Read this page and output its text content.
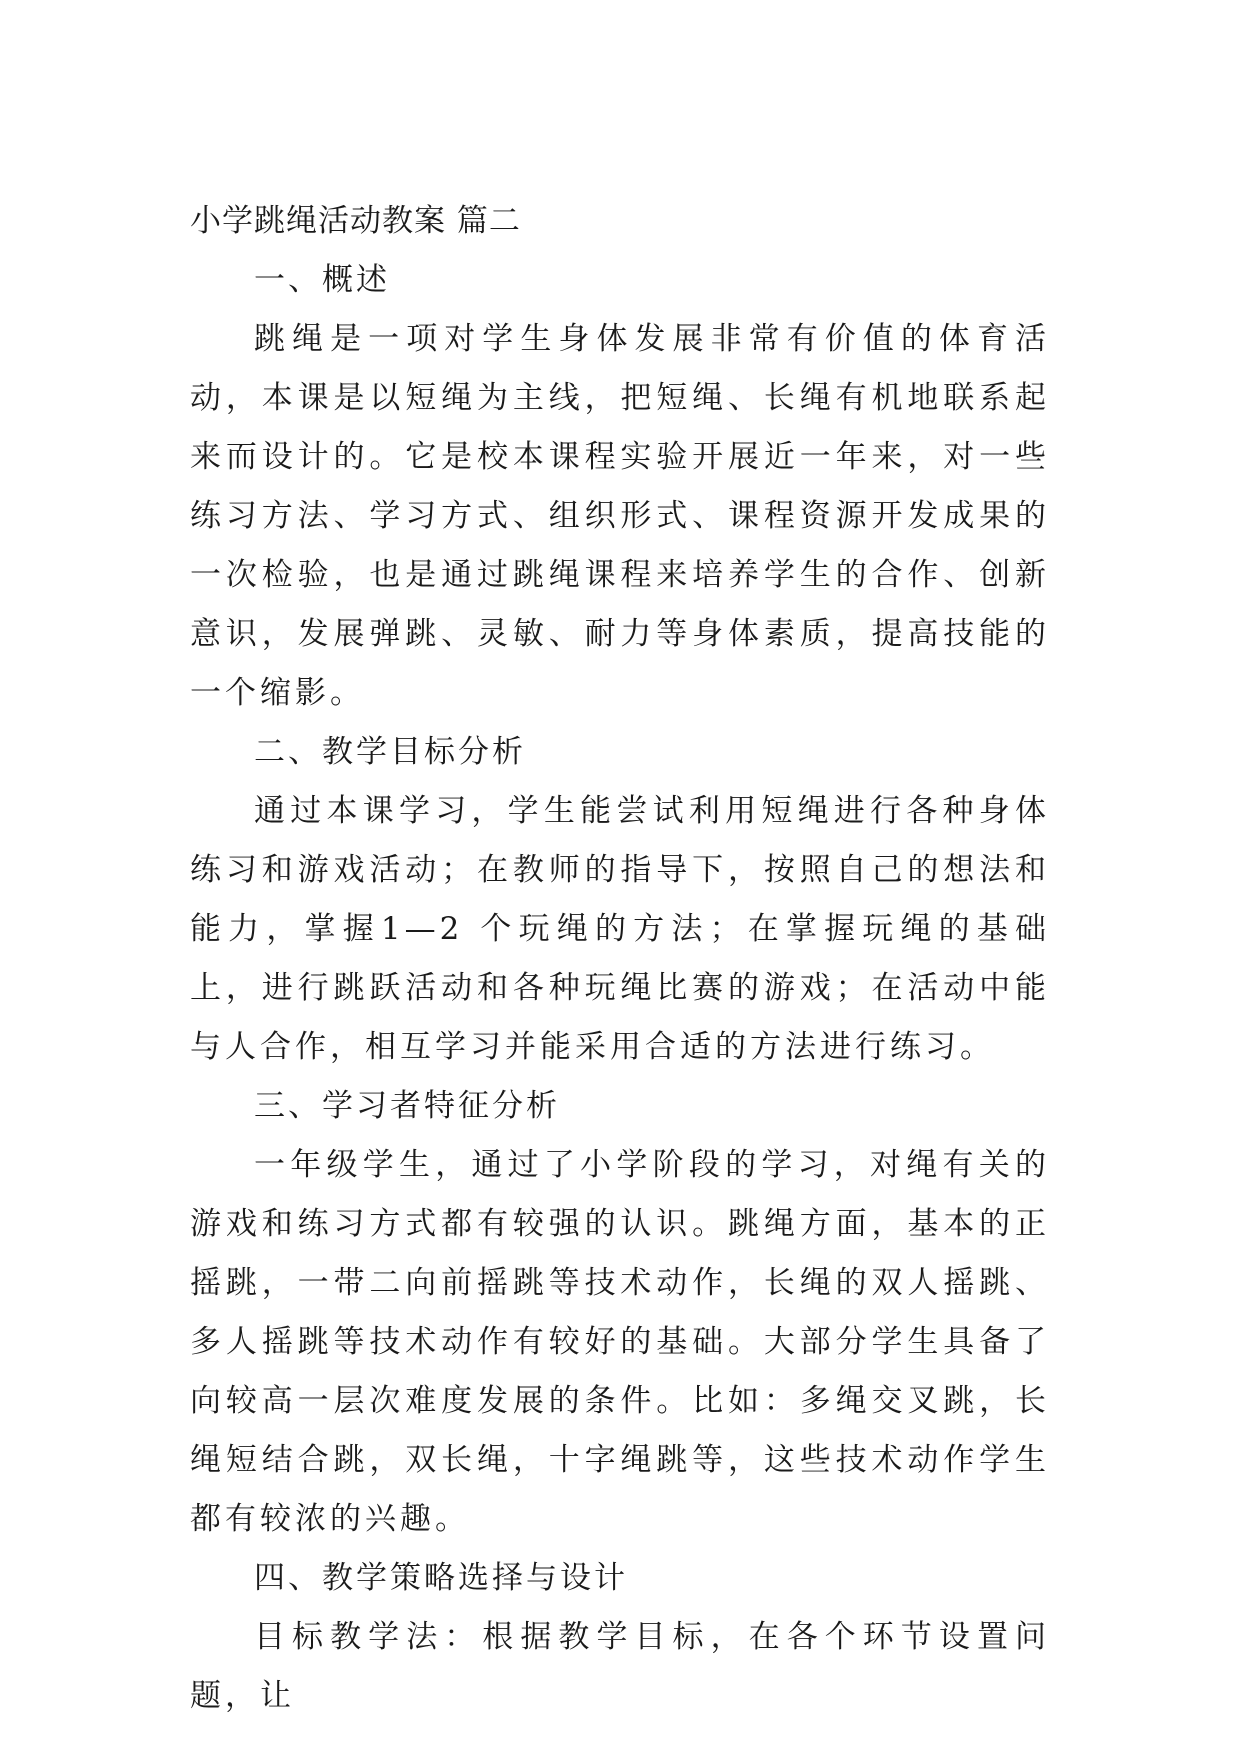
小学跳绳活动教案 篇二
一、概述

跳绳是一项对学生身体发展非常有价值的体育活动，本课是以短绳为主线，把短绳、长绳有机地联系起来而设计的。它是校本课程实验开展近一年来，对一些练习方法、学习方式、组织形式、课程资源开发成果的一次检验，也是通过跳绳课程来培养学生的合作、创新意识，发展弹跳、灵敏、耐力等身体素质，提高技能的一个缩影。

二、教学目标分析

通过本课学习，学生能尝试利用短绳进行各种身体练习和游戏活动；在教师的指导下，按照自己的想法和能力，掌握1—2 个玩绳的方法；在掌握玩绳的基础上，进行跳跃活动和各种玩绳比赛的游戏；在活动中能与人合作，相互学习并能采用合适的方法进行练习。

三、学习者特征分析

一年级学生，通过了小学阶段的学习，对绳有关的游戏和练习方式都有较强的认识。跳绳方面，基本的正摇跳，一带二向前摇跳等技术动作，长绳的双人摇跳、多人摇跳等技术动作有较好的基础。大部分学生具备了向较高一层次难度发展的条件。比如：多绳交叉跳，长绳短结合跳，双长绳，十字绳跳等，这些技术动作学生都有较浓的兴趣。

四、教学策略选择与设计

目标教学法：根据教学目标，在各个环节设置问题，让
